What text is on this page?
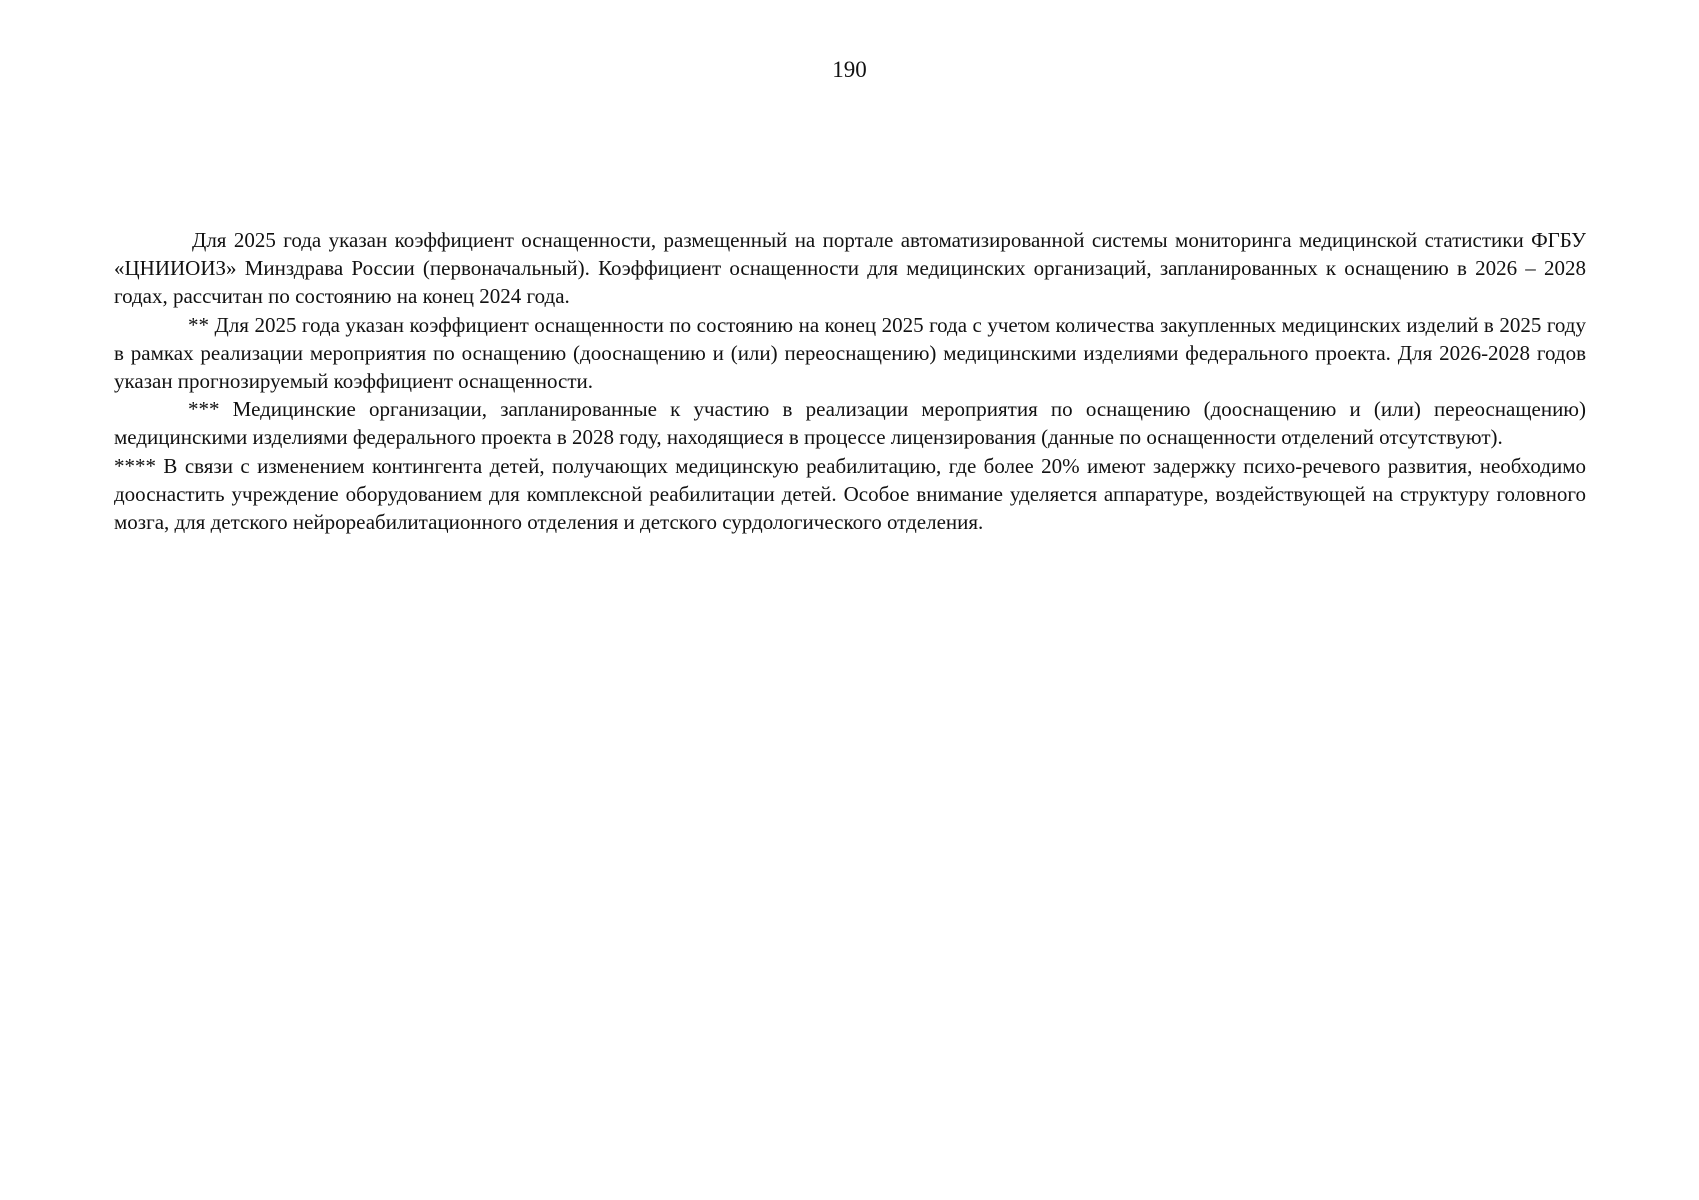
190

Для 2025 года указан коэффициент оснащенности, размещенный на портале автоматизированной системы мониторинга медицинской статистики ФГБУ «ЦНИИОИЗ» Минздрава России (первоначальный). Коэффициент оснащенности для медицинских организаций, запланированных к оснащению в 2026 – 2028 годах, рассчитан по состоянию на конец 2024 года.

** Для 2025 года указан коэффициент оснащенности по состоянию на конец 2025 года с учетом количества закупленных медицинских изделий в 2025 году в рамках реализации мероприятия по оснащению (дооснащению и (или) переоснащению) медицинскими изделиями федерального проекта. Для 2026-2028 годов указан прогнозируемый коэффициент оснащенности.

*** Медицинские организации, запланированные к участию в реализации мероприятия по оснащению (дооснащению и (или) переоснащению) медицинскими изделиями федерального проекта в 2028 году, находящиеся в процессе лицензирования (данные по оснащенности отделений отсутствуют).

**** В связи с изменением контингента детей, получающих медицинскую реабилитацию, где более 20% имеют задержку психо-речевого развития, необходимо дооснастить учреждение оборудованием для комплексной реабилитации детей. Особое внимание уделяется аппаратуре, воздействующей на структуру головного мозга, для детского нейрореабилитационного отделения и детского сурдологического отделения.
